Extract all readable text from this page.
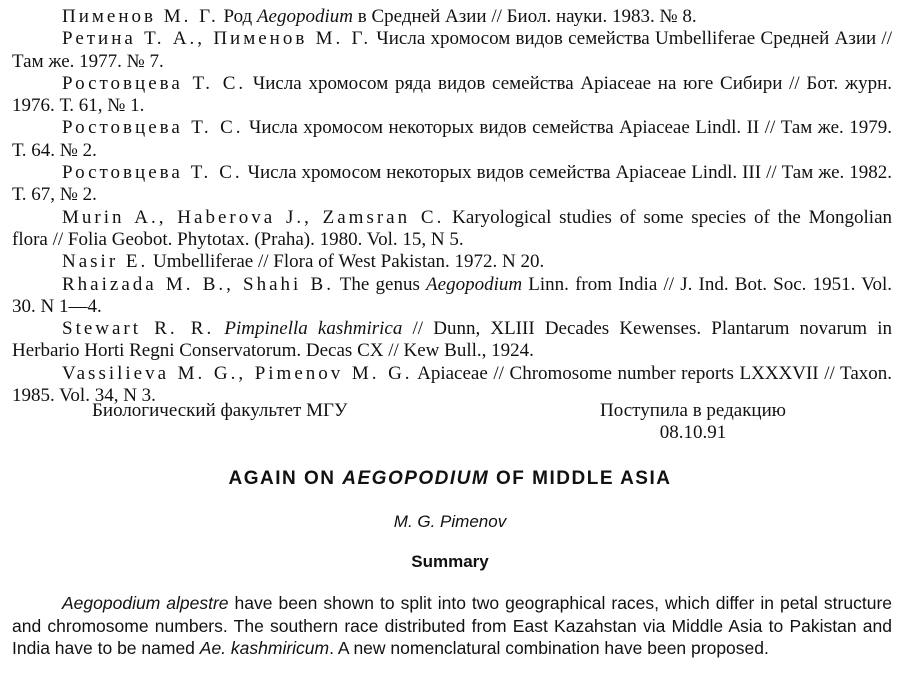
Пименов М. Г. Род Aegopodium в Средней Азии // Биол. науки. 1983. № 8.

Ретина Т. А., Пименов М. Г. Числа хромосом видов семейства Umbelliferae Средней Азии // Там же. 1977. № 7.

Ростовцева Т. С. Числа хромосом ряда видов семейства Apiaceae на юге Сибири // Бот. журн. 1976. Т. 61, № 1.

Ростовцева Т. С. Числа хромосом некоторых видов семейства Apiaceae Lindl. II // Там же. 1979. Т. 64. № 2.

Ростовцева Т. С. Числа хромосом некоторых видов семейства Apiaceae Lindl. III // Там же. 1982. Т. 67, № 2.

Murin A., Haberova J., Zamsran C. Karyological studies of some species of the Mongolian flora // Folia Geobot. Phytotax. (Praha). 1980. Vol. 15, N 5.

Nasir E. Umbelliferae // Flora of West Pakistan. 1972. N 20.

Rhaizada M. B., Shahi B. The genus Aegopodium Linn. from India // J. Ind. Bot. Soc. 1951. Vol. 30. N 1—4.

Stewart R. R. Pimpinella kashmirica // Dunn, XLIII Decades Kewenses. Plantarum novarum in Herbario Horti Regni Conservatorum. Decas CX // Kew Bull., 1924.

Vassilieva M. G., Pimenov M. G. Apiaceae // Chromosome number reports LXXXVII // Taxon. 1985. Vol. 34, N 3.

Биологический факультет МГУ	Поступила в редакцию
08.10.91
AGAIN ON AEGOPODIUM OF MIDDLE ASIA
M. G. Pimenov
Summary

Aegopodium alpestre have been shown to split into two geographical races, which differ in petal structure and chromosome numbers. The southern race distributed from East Kazahstan via Middle Asia to Pakistan and India have to be named Ae. kashmiricum. A new nomenclatural combination have been proposed.
